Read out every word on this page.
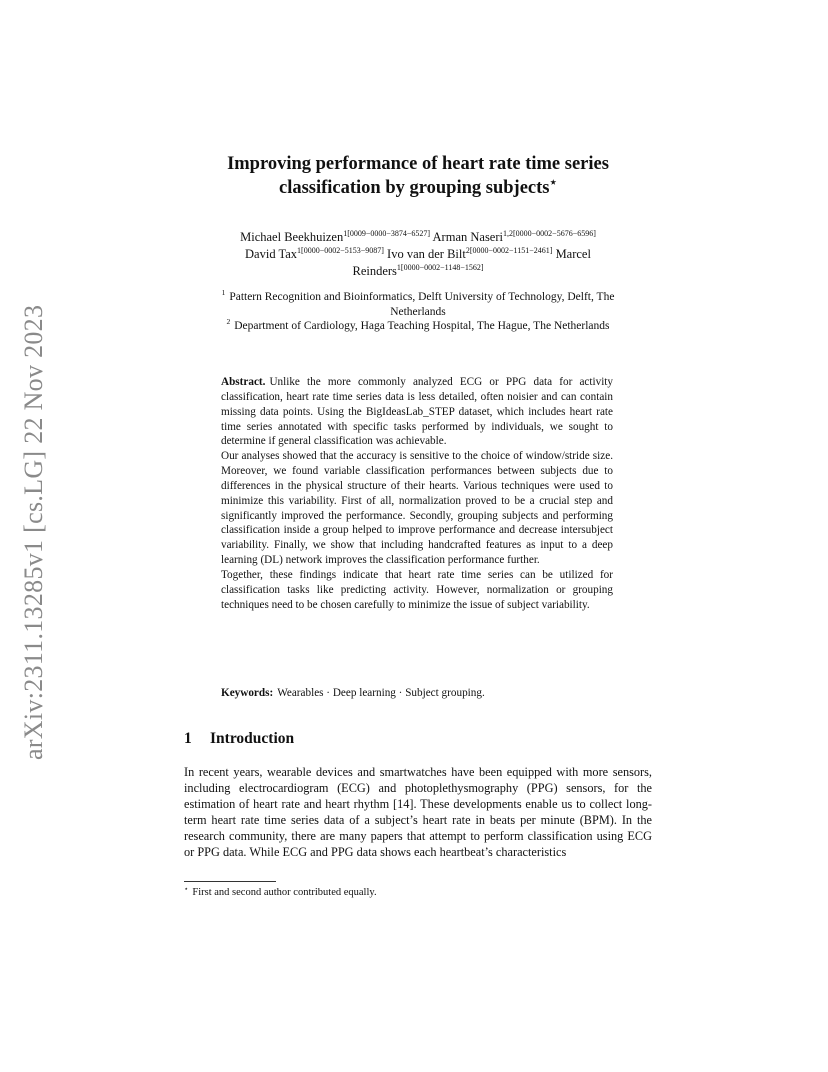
arXiv:2311.13285v1 [cs.LG] 22 Nov 2023
Improving performance of heart rate time series
classification by grouping subjects⋆
Michael Beekhuizen$^{1[0009-0000-3874-6527]}$ Arman Naseri$^{1,2[0000-0002-5676-6596]}$
David Tax$^{1[0000-0002-5153-9087]}$ Ivo van der Bilt$^{2[0000-0002-1151-2461]}$ Marcel
Reinders$^{1[0000-0002-1148-1562]}$
$^1$ Pattern Recognition and Bioinformatics, Delft University of Technology, Delft, The
Netherlands
$^2$ Department of Cardiology, Haga Teaching Hospital, The Hague, The Netherlands

Abstract. Unlike the more commonly analyzed ECG or PPG data for activity classification, heart rate time series data is less detailed, often noisier and can contain missing data points. Using the BigIdeasLab_STEP dataset, which includes heart rate time series annotated with specific tasks performed by individuals, we sought to determine if general classification was achievable.

Our analyses showed that the accuracy is sensitive to the choice of window/stride size. Moreover, we found variable classification performances between subjects due to differences in the physical structure of their hearts. Various techniques were used to minimize this variability. First of all, normalization proved to be a crucial step and significantly improved the performance. Secondly, grouping subjects and performing classification inside a group helped to improve performance and decrease intersubject variability. Finally, we show that including handcrafted features as input to a deep learning (DL) network improves the classification performance further.

Together, these findings indicate that heart rate time series can be utilized for classification tasks like predicting activity. However, normalization or grouping techniques need to be chosen carefully to minimize the issue of subject variability.

Keywords: Wearables · Deep learning · Subject grouping.
1 Introduction

In recent years, wearable devices and smartwatches have been equipped with more sensors, including electrocardiogram (ECG) and photoplethysmography (PPG) sensors, for the estimation of heart rate and heart rhythm [14]. These developments enable us to collect long-term heart rate time series data of a subject’s heart rate in beats per minute (BPM). In the research community, there are many papers that attempt to perform classification using ECG or PPG data. While ECG and PPG data shows each heartbeat’s characteristics

⋆ First and second author contributed equally.
